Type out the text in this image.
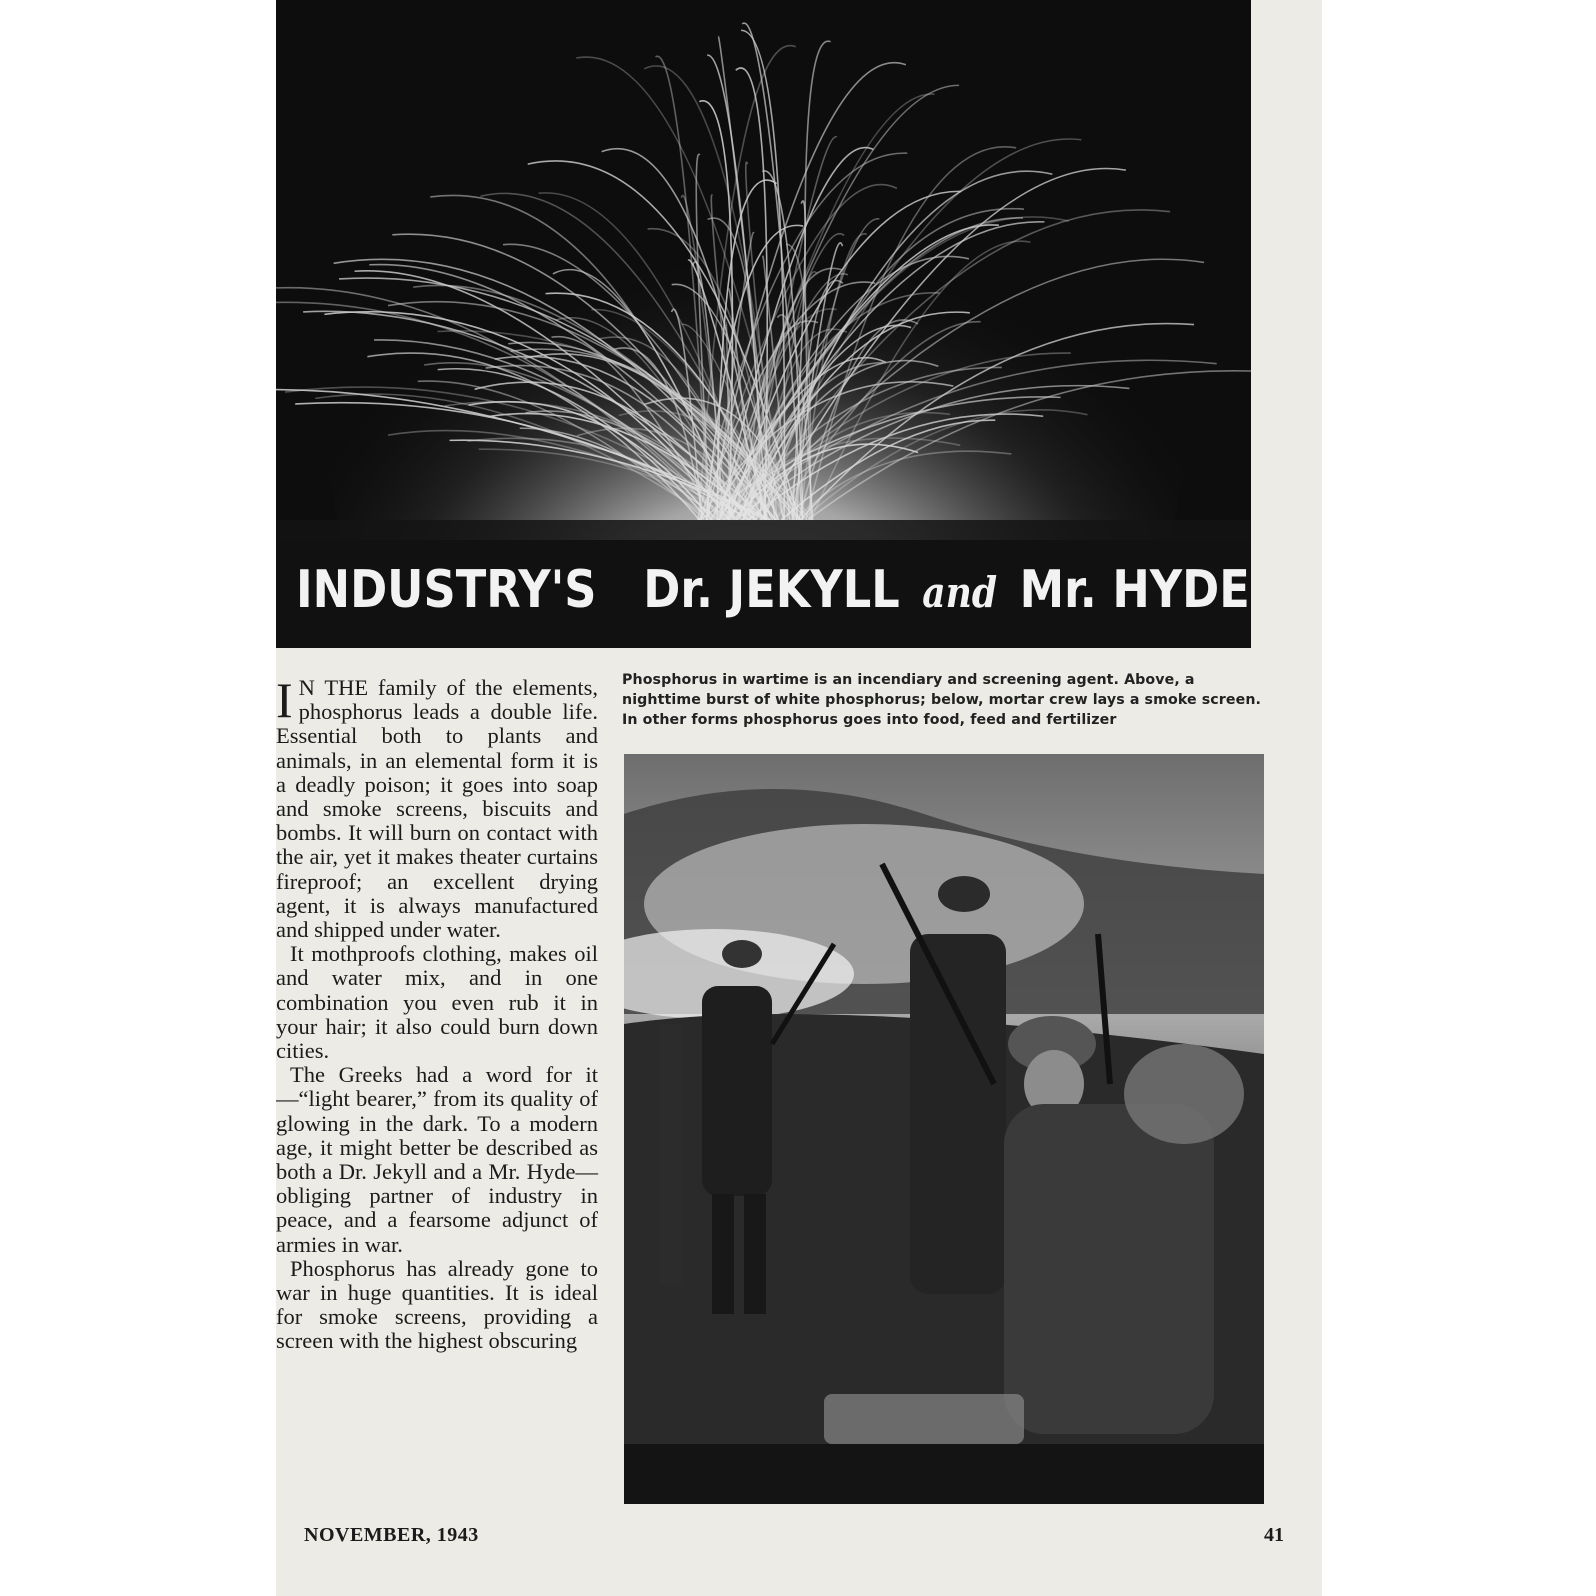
INDUSTRY'S Dr. JEKYLL and Mr. HYDE

I N THE family of the elements, phosphorus leads a double life. Essential both to plants and animals, in an elemental form it is a deadly poison; it goes into soap and smoke screens, biscuits and bombs. It will burn on contact with the air, yet it makes theater curtains fireproof; an excellent drying agent, it is always manufactured and shipped under water.

It mothproofs clothing, makes oil and water mix, and in one combination you even rub it in your hair; it also could burn down cities.

The Greeks had a word for it—“light bearer,” from its quality of glowing in the dark. To a modern age, it might better be described as both a Dr. Jekyll and a Mr. Hyde—obliging partner of industry in peace, and a fearsome adjunct of armies in war.

Phosphorus has already gone to war in huge quantities. It is ideal for smoke screens, providing a screen with the highest obscuring

Phosphorus in wartime is an incendiary and screening agent. Above, a nighttime burst of white phosphorus; below, mortar crew lays a smoke screen. In other forms phosphorus goes into food, feed and fertilizer
NOVEMBER, 1943	41
